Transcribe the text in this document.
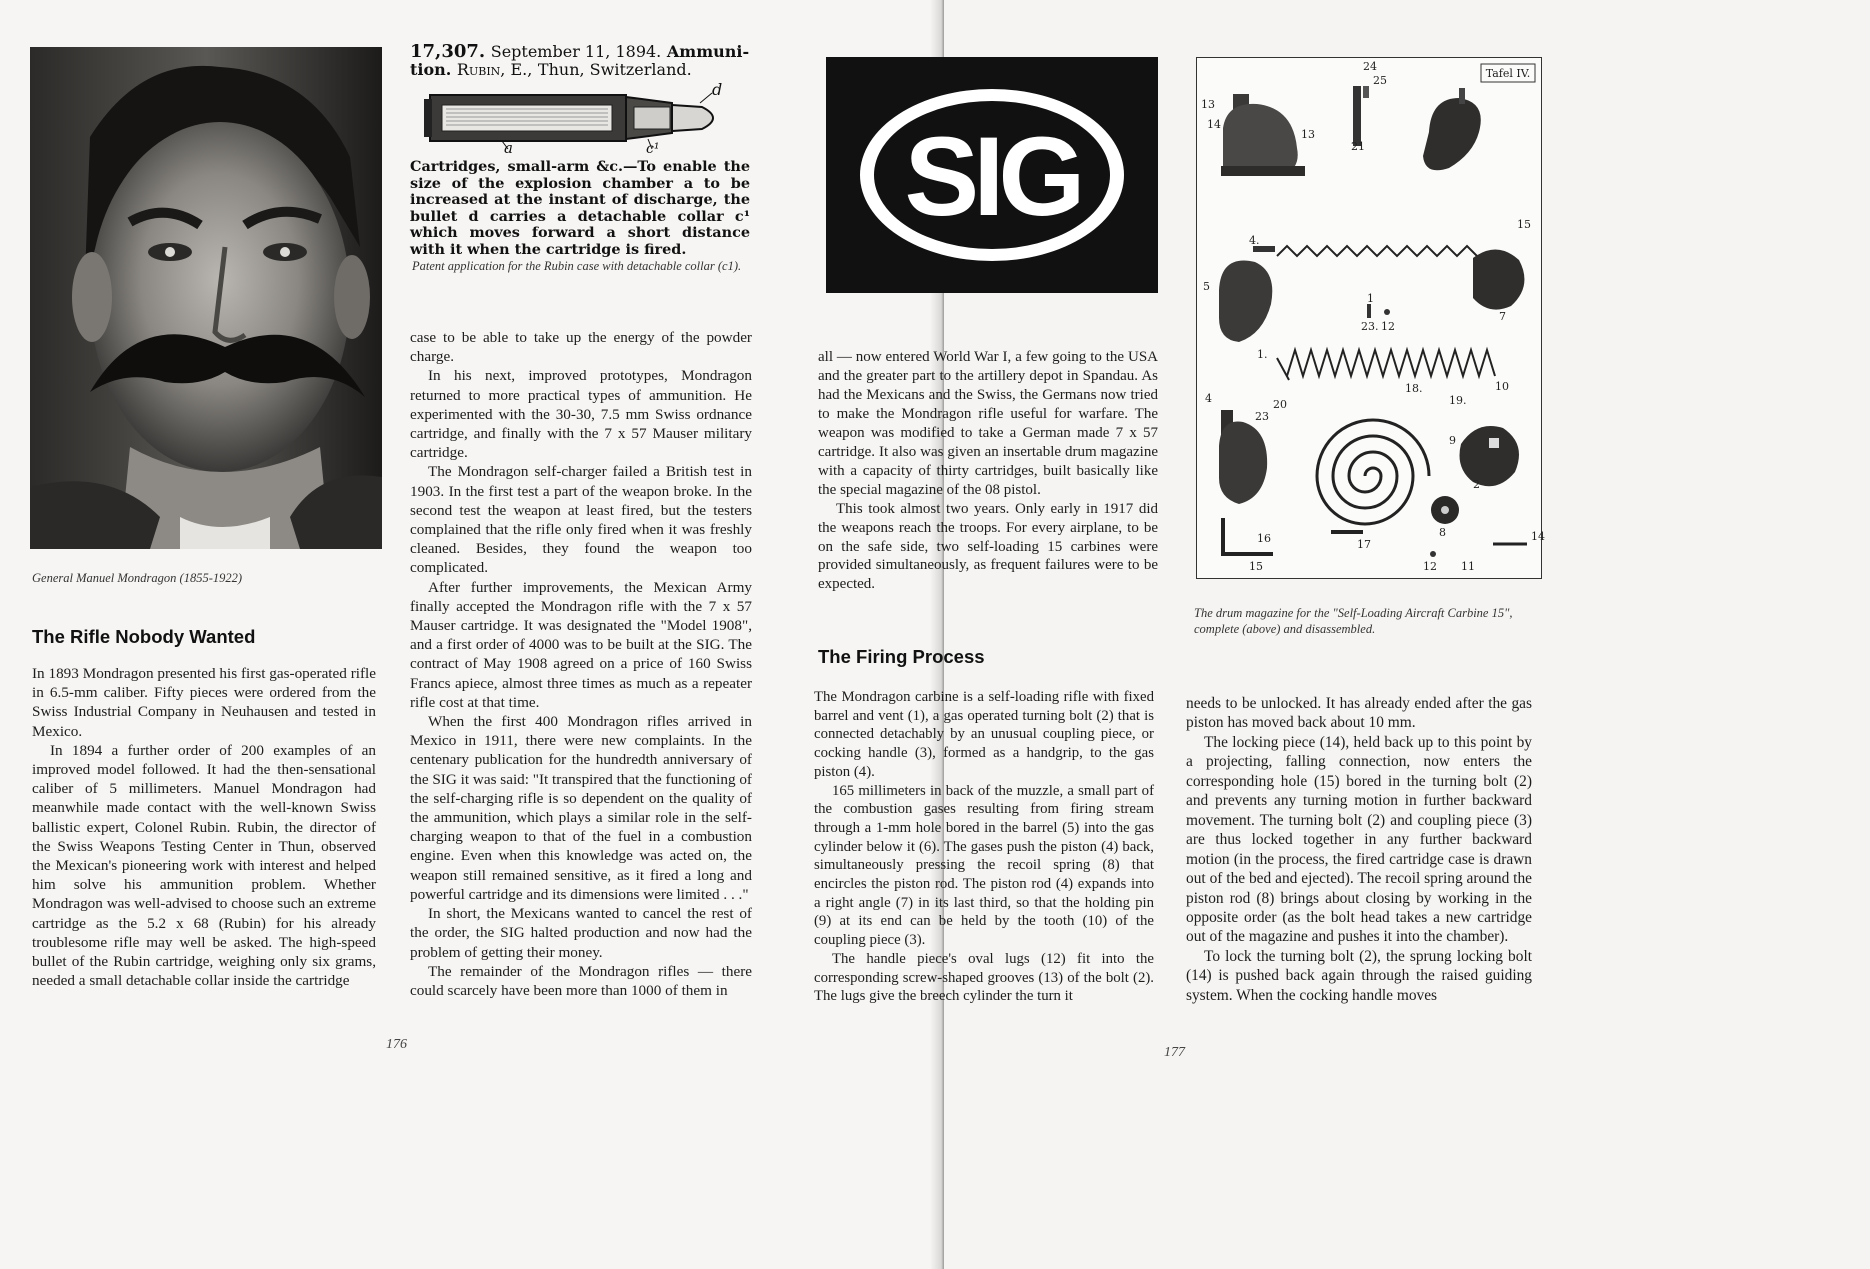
General Manuel Mondragon (1855-1922)
17,307. September 11, 1894. Ammuni-
tion. Rubin, E., Thun, Switzerland.
a	c¹
d
Cartridges, small-arm &c.—To enable the size of the explosion chamber a to be increased at the instant of discharge, the bullet d carries a detachable collar c¹ which moves forward a short distance with it when the cartridge is fired.
Patent application for the Rubin case with detachable collar (c1).
The Rifle Nobody Wanted

In 1893 Mondragon presented his first gas-operated rifle in 6.5-mm caliber. Fifty pieces were ordered from the Swiss Industrial Company in Neuhausen and tested in Mexico.

In 1894 a further order of 200 examples of an improved model followed. It had the then-sensational caliber of 5 millimeters. Manuel Mondragon had meanwhile made contact with the well-known Swiss ballistic expert, Colonel Rubin. Rubin, the director of the Swiss Weapons Testing Center in Thun, observed the Mexican's pioneering work with interest and helped him solve his ammunition problem. Whether Mondragon was well-advised to choose such an extreme cartridge as the 5.2 x 68 (Rubin) for his already troublesome rifle may well be asked. The high-speed bullet of the Rubin cartridge, weighing only six grams, needed a small detachable collar inside the cartridge

case to be able to take up the energy of the powder charge.

In his next, improved prototypes, Mondragon returned to more practical types of ammunition. He experimented with the 30-30, 7.5 mm Swiss ordnance cartridge, and finally with the 7 x 57 Mauser military cartridge.

The Mondragon self-charger failed a British test in 1903. In the first test a part of the weapon broke. In the second test the weapon at least fired, but the testers complained that the rifle only fired when it was freshly cleaned. Besides, they found the weapon too complicated.

After further improvements, the Mexican Army finally accepted the Mondragon rifle with the 7 x 57 Mauser cartridge. It was designated the "Model 1908", and a first order of 4000 was to be built at the SIG. The contract of May 1908 agreed on a price of 160 Swiss Francs apiece, almost three times as much as a repeater rifle cost at that time.

When the first 400 Mondragon rifles arrived in Mexico in 1911, there were new complaints. In the centenary publication for the hundredth anniversary of the SIG it was said: "It transpired that the functioning of the self-charging rifle is so dependent on the quality of the ammunition, which plays a similar role in the self-charging weapon to that of the fuel in a combustion engine. Even when this knowledge was acted on, the weapon still remained sensitive, as it fired a long and powerful cartridge and its dimensions were limited . . ."

In short, the Mexicans wanted to cancel the rest of the order, the SIG halted production and now had the problem of getting their money.

The remainder of the Mondragon rifles — there could scarcely have been more than 1000 of them in

176
SIG

all — now entered World War I, a few going to the USA and the greater part to the artillery depot in Spandau. As had the Mexicans and the Swiss, the Germans now tried to make the Mondragon rifle useful for warfare. The weapon was modified to take a German made 7 x 57 cartridge. It also was given an insertable drum magazine with a capacity of thirty cartridges, built basically like the special magazine of the 08 pistol.

This took almost two years. Only early in 1917 did the weapons reach the troops. For every airplane, to be on the safe side, two self-loading 15 carbines were provided simultaneously, as frequent failures were to be expected.

Tafel IV.
24
25
13
14
13
21
4.
15
7
5
1
23. 12
1.
18.
19.
10
4	20
23
9
2
16	17
8	14
15	12 11
The drum magazine for the "Self-Loading Aircraft Carbine 15", complete (above) and disassembled.
The Firing Process

The Mondragon carbine is a self-loading rifle with fixed barrel and vent (1), a gas operated turning bolt (2) that is connected detachably by an unusual coupling piece, or cocking handle (3), formed as a handgrip, to the gas piston (4).

165 millimeters in back of the muzzle, a small part of the combustion gases resulting from firing stream through a 1-mm hole bored in the barrel (5) into the gas cylinder below it (6). The gases push the piston (4) back, simultaneously pressing the recoil spring (8) that encircles the piston rod. The piston rod (4) expands into a right angle (7) in its last third, so that the holding pin (9) at its end can be held by the tooth (10) of the coupling piece (3).

The handle piece's oval lugs (12) fit into the corresponding screw-shaped grooves (13) of the bolt (2). The lugs give the breech cylinder the turn it

needs to be unlocked. It has already ended after the gas piston has moved back about 10 mm.

The locking piece (14), held back up to this point by a projecting, falling connection, now enters the corresponding hole (15) bored in the turning bolt (2) and prevents any turning motion in further backward movement. The turning bolt (2) and coupling piece (3) are thus locked together in any further backward motion (in the process, the fired cartridge case is drawn out of the bed and ejected). The recoil spring around the piston rod (8) brings about closing by working in the opposite order (as the bolt head takes a new cartridge out of the magazine and pushes it into the chamber).

To lock the turning bolt (2), the sprung locking bolt (14) is pushed back again through the raised guiding system. When the cocking handle moves

177
